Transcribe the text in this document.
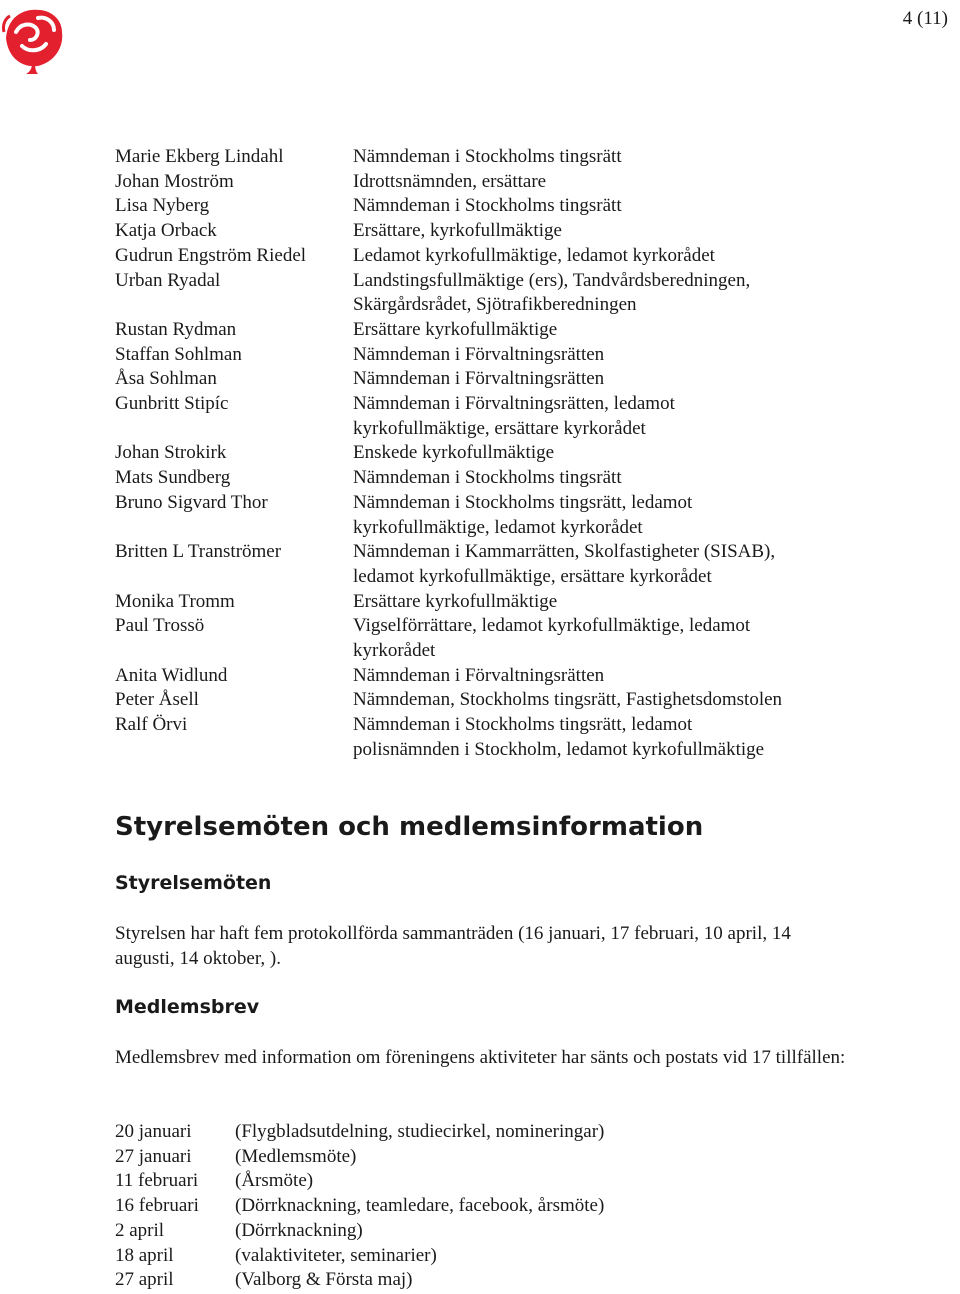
4 (11)
Marie Ekberg Lindahl	Nämndeman i Stockholms tingsrätt
Johan Moström	Idrottsnämnden, ersättare
Lisa Nyberg	Nämndeman i Stockholms tingsrätt
Katja Orback	Ersättare, kyrkofullmäktige
Gudrun Engström Riedel	Ledamot kyrkofullmäktige, ledamot kyrkorådet
Urban Ryadal	Landstingsfullmäktige (ers), Tandvårdsberedningen,
Skärgårdsrådet, Sjötrafikberedningen
Rustan Rydman	Ersättare kyrkofullmäktige
Staffan Sohlman	Nämndeman i Förvaltningsrätten
Åsa Sohlman	Nämndeman i Förvaltningsrätten
Gunbritt Stipíc	Nämndeman i Förvaltningsrätten, ledamot
kyrkofullmäktige, ersättare kyrkorådet
Johan Strokirk	Enskede kyrkofullmäktige
Mats Sundberg	Nämndeman i Stockholms tingsrätt
Bruno Sigvard Thor	Nämndeman i Stockholms tingsrätt, ledamot
kyrkofullmäktige, ledamot kyrkorådet
Britten L Tranströmer	Nämndeman i Kammarrätten, Skolfastigheter (SISAB),
ledamot kyrkofullmäktige, ersättare kyrkorådet
Monika Tromm	Ersättare kyrkofullmäktige
Paul Trossö	Vigselförrättare, ledamot kyrkofullmäktige, ledamot
kyrkorådet
Anita Widlund	Nämndeman i Förvaltningsrätten
Peter Åsell	Nämndeman, Stockholms tingsrätt, Fastighetsdomstolen
Ralf Örvi	Nämndeman i Stockholms tingsrätt, ledamot
polisnämnden i Stockholm, ledamot kyrkofullmäktige
Styrelsemöten och medlemsinformation
Styrelsemöten

Styrelsen har haft fem protokollförda sammanträden (16 januari, 17 februari, 10 april, 14 augusti, 14 oktober, ).

Medlemsbrev

Medlemsbrev med information om föreningens aktiviteter har sänts och postats vid 17 tillfällen:

20 januari	(Flygbladsutdelning, studiecirkel, nomineringar)
27 januari	(Medlemsmöte)
11 februari	(Årsmöte)
16 februari	(Dörrknackning, teamledare, facebook, årsmöte)
2 april	(Dörrknackning)
18 april	(valaktiviteter, seminarier)
27 april	(Valborg & Första maj)
